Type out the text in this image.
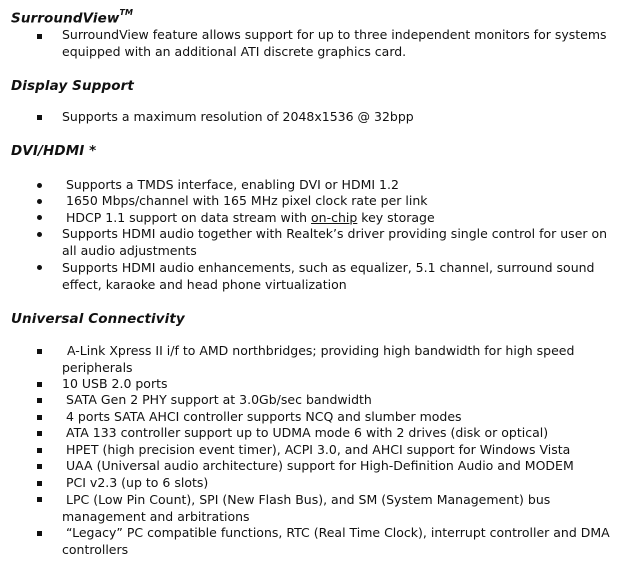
SurroundView™
SurroundView feature allows support for up to three independent monitors for systems equipped with an additional ATI discrete graphics card.
Display Support
Supports a maximum resolution of 2048x1536 @ 32bpp
DVI/HDMI *
Supports a TMDS interface, enabling DVI or HDMI 1.2
1650 Mbps/channel with 165 MHz pixel clock rate per link
HDCP 1.1 support on data stream with on-chip key storage
Supports HDMI audio together with Realtek’s driver providing single control for user on all audio adjustments
Supports HDMI audio enhancements, such as equalizer, 5.1 channel, surround sound effect, karaoke and head phone virtualization
Universal Connectivity
A-Link Xpress II i/f to AMD northbridges; providing high bandwidth for high speed peripherals
10 USB 2.0 ports
SATA Gen 2 PHY support at 3.0Gb/sec bandwidth
4 ports SATA AHCI controller supports NCQ and slumber modes
ATA 133 controller support up to UDMA mode 6 with 2 drives (disk or optical)
HPET (high precision event timer), ACPI 3.0, and AHCI support for Windows Vista
UAA (Universal audio architecture) support for High-Definition Audio and MODEM
PCI v2.3 (up to 6 slots)
LPC (Low Pin Count), SPI (New Flash Bus), and SM (System Management) bus management and arbitrations
“Legacy” PC compatible functions, RTC (Real Time Clock), interrupt controller and DMA controllers
